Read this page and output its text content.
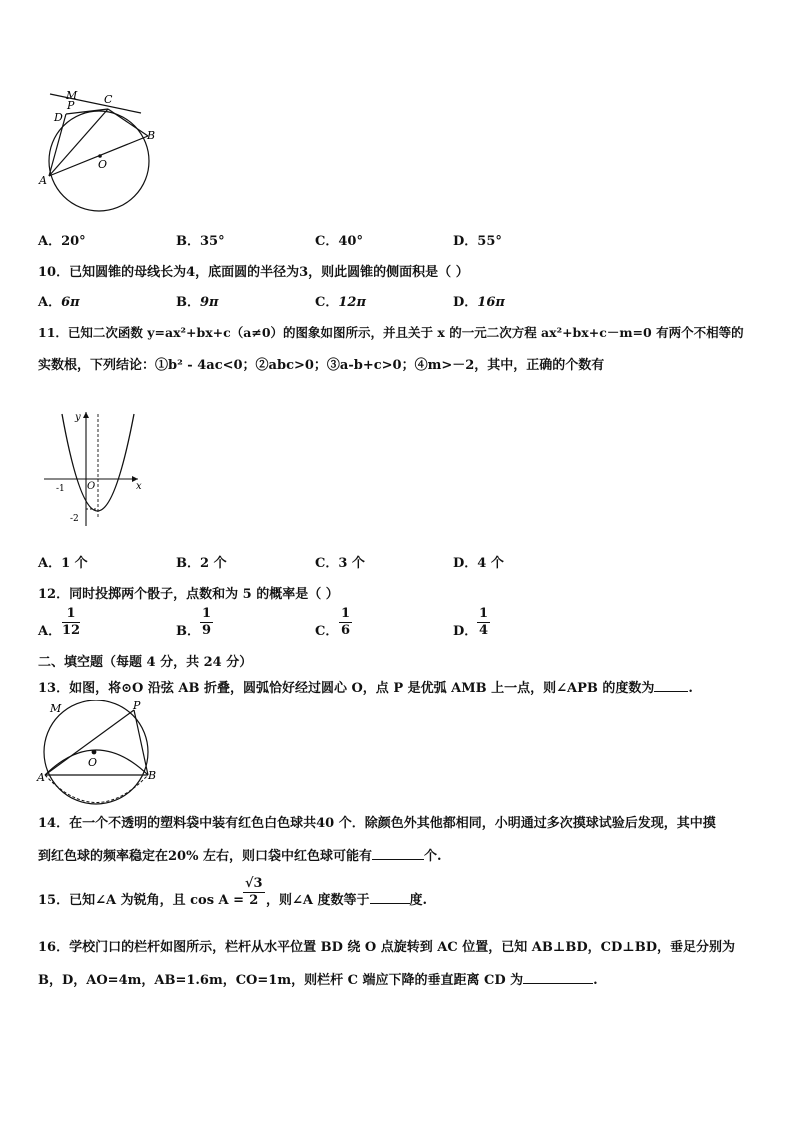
M
P	C
D
B
O
A
A．20°	B．35°	C．40°	D．55°
10．已知圆锥的母线长为4，底面圆的半径为3，则此圆锥的侧面积是（ ）
A．6π	B．9π	C．12π	D．16π
11．已知二次函数 y=ax²+bx+c（a≠0）的图象如图所示，并且关于 x 的一元二次方程 ax²+bx+c－m=0 有两个不相等的
实数根，下列结论：①b² - 4ac<0；②abc>0；③a-b+c>0；④m>－2，其中，正确的个数有
y
x
O
-1
-2
A．1 个	B．2 个	C．3 个	D．4 个
12．同时投掷两个骰子，点数和为 5 的概率是（ ）
A． $\frac{1}{12}$	B． $\frac{1}{9}$	C． $\frac{1}{6}$	D． $\frac{1}{4}$
二、填空题（每题 4 分，共 24 分）
13．如图，将⊙O 沿弦 AB 折叠，圆弧恰好经过圆心 O，点 P 是优弧 AMB 上一点，则∠APB 的度数为	.
M	P
O
A	B
14．在一个不透明的塑料袋中装有红色白色球共40 个．除颜色外其他都相同，小明通过多次摸球试验后发现，其中摸
到红色球的频率稳定在20% 左右，则口袋中红色球可能有	个.
15．已知∠A 为锐角，且 cos A =
$\frac{√3}{2}$ ，则∠A 度数等于	度.
16．学校门口的栏杆如图所示，栏杆从水平位置 BD 绕 O 点旋转到 AC 位置，已知 AB⊥BD，CD⊥BD，垂足分别为
B，D，AO=4m，AB=1.6m，CO=1m，则栏杆 C 端应下降的垂直距离 CD 为	.
